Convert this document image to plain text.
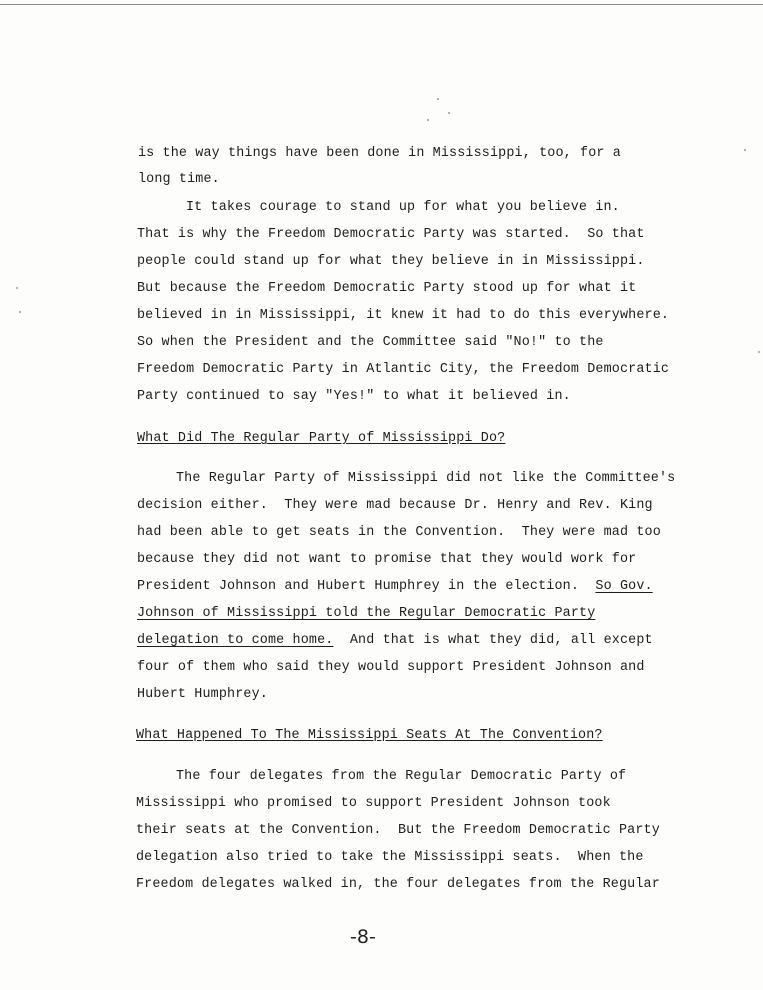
is the way things have been done in Mississippi, too, for a
long time.
It takes courage to stand up for what you believe in.
That is why the Freedom Democratic Party was started.  So that
people could stand up for what they believe in in Mississippi.
But because the Freedom Democratic Party stood up for what it
believed in in Mississippi, it knew it had to do this everywhere.
So when the President and the Committee said "No!" to the
Freedom Democratic Party in Atlantic City, the Freedom Democratic
Party continued to say "Yes!" to what it believed in.
What Did The Regular Party of Mississippi Do?
The Regular Party of Mississippi did not like the Committee's
decision either.  They were mad because Dr. Henry and Rev. King
had been able to get seats in the Convention.  They were mad too
because they did not want to promise that they would work for
President Johnson and Hubert Humphrey in the election.  So Gov.
Johnson of Mississippi told the Regular Democratic Party
delegation to come home.  And that is what they did, all except
four of them who said they would support President Johnson and
Hubert Humphrey.
What Happened To The Mississippi Seats At The Convention?
The four delegates from the Regular Democratic Party of
Mississippi who promised to support President Johnson took
their seats at the Convention.  But the Freedom Democratic Party
delegation also tried to take the Mississippi seats.  When the
Freedom delegates walked in, the four delegates from the Regular
-8-
